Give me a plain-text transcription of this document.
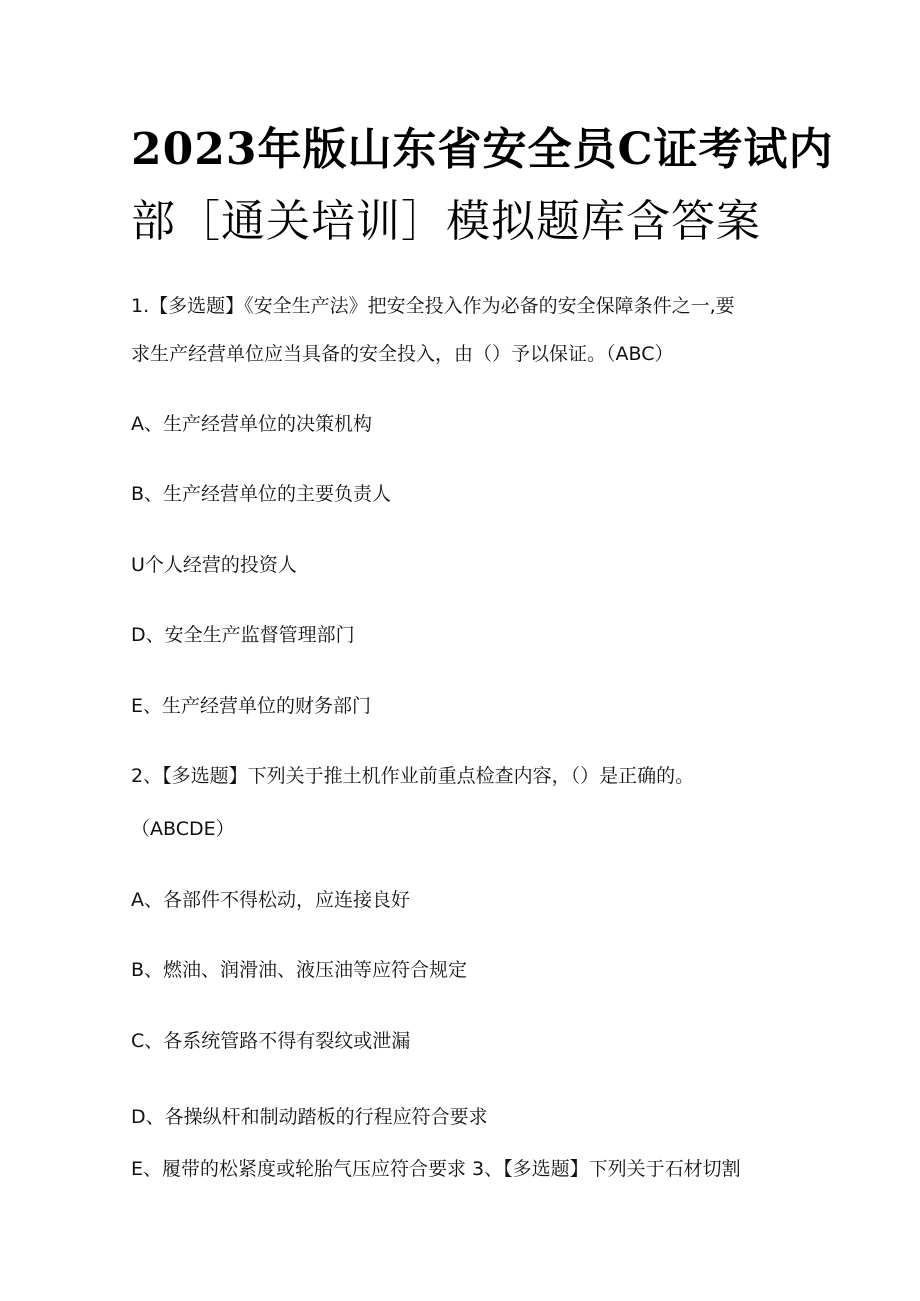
2023年版山东省安全员C证考试内
部［通关培训］模拟题库含答案
1.【多选题】《安全生产法》把安全投入作为必备的安全保障条件之一,要
求生产经营单位应当具备的安全投入，由（）予以保证。（ABC）
A、生产经营单位的决策机构
B、生产经营单位的主要负责人
U个人经营的投资人
D、安全生产监督管理部门
E、生产经营单位的财务部门
2、【多选题】下列关于推土机作业前重点检查内容，（）是正确的。
（ABCDE）
A、各部件不得松动，应连接良好
B、燃油、润滑油、液压油等应符合规定
C、各系统管路不得有裂纹或泄漏
D、各操纵杆和制动踏板的行程应符合要求
E、履带的松紧度或轮胎气压应符合要求 3、【多选题】下列关于石材切割
